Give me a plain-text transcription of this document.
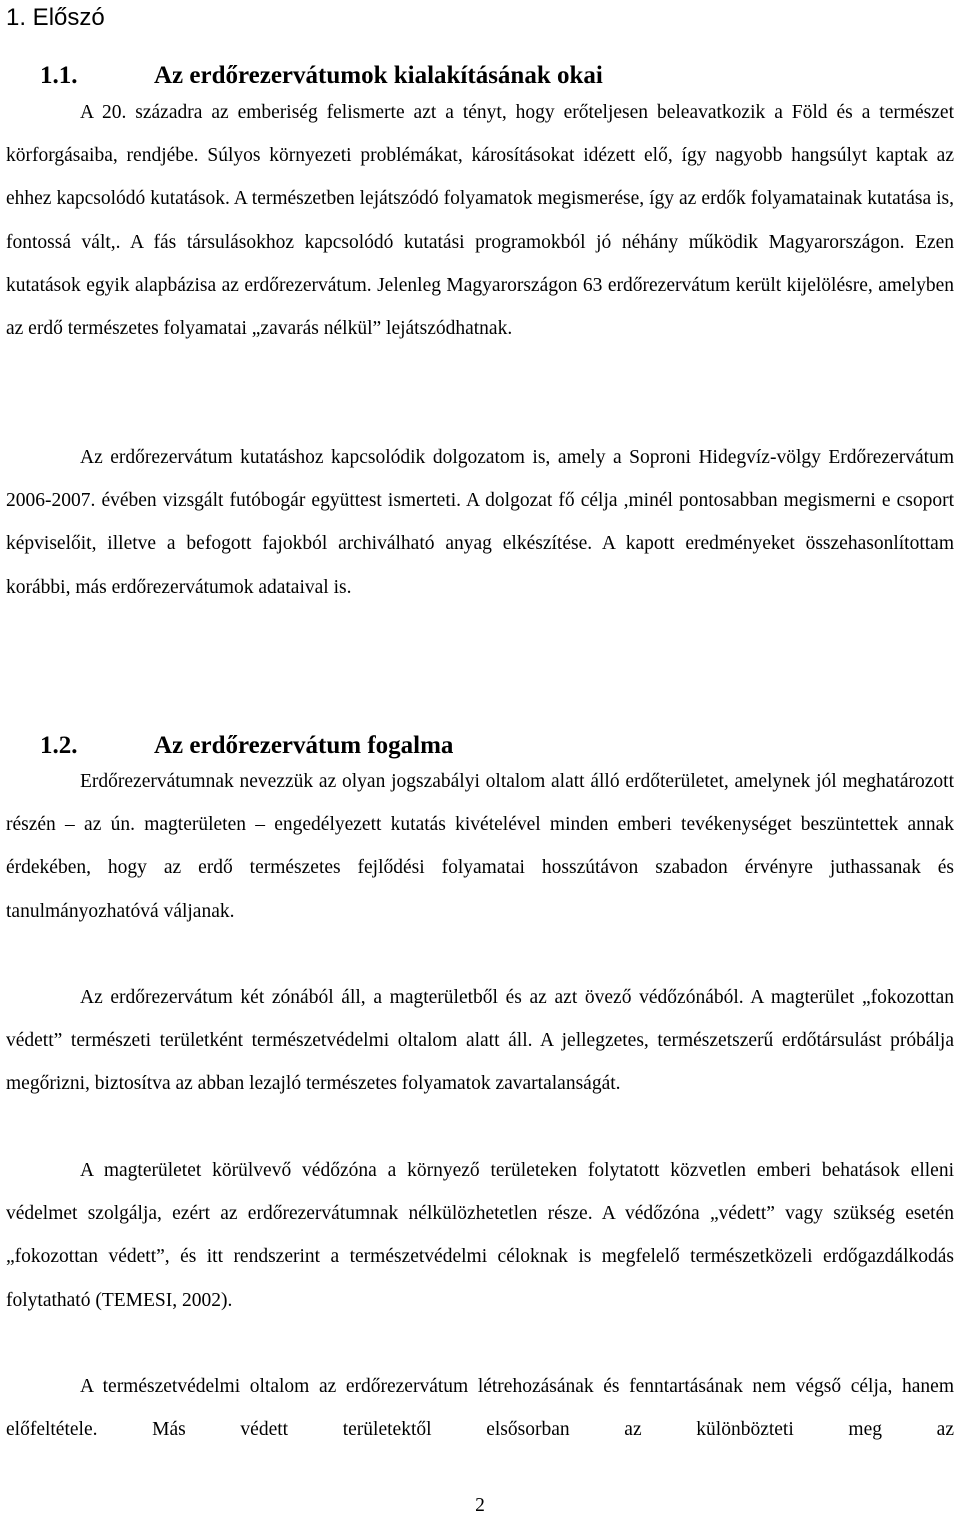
1. Előszó
1.1.	Az erdőrezervátumok kialakításának okai

A 20. századra az emberiség felismerte azt a tényt, hogy erőteljesen beleavatkozik a Föld és a természet körforgásaiba, rendjébe. Súlyos környezeti problémákat, károsításokat idézett elő, így nagyobb hangsúlyt kaptak az ehhez kapcsolódó kutatások. A természetben lejátszódó folyamatok megismerése, így az erdők folyamatainak kutatása is, fontossá vált,. A fás társulásokhoz kapcsolódó kutatási programokból jó néhány működik Magyarországon. Ezen kutatások egyik alapbázisa az erdőrezervátum. Jelenleg Magyarországon 63 erdőrezervátum került kijelölésre, amelyben az erdő természetes folyamatai „zavarás nélkül” lejátszódhatnak.

Az erdőrezervátum kutatáshoz kapcsolódik dolgozatom is, amely a Soproni Hidegvíz-völgy Erdőrezervátum 2006-2007. évében vizsgált futóbogár együttest ismerteti. A dolgozat fő célja ,minél pontosabban megismerni e csoport képviselőit, illetve a befogott fajokból archiválható anyag elkészítése. A kapott eredményeket összehasonlítottam korábbi, más erdőrezervátumok adataival is.

1.2.	Az erdőrezervátum fogalma

Erdőrezervátumnak nevezzük az olyan jogszabályi oltalom alatt álló erdőterületet, amelynek jól meghatározott részén – az ún. magterületen – engedélyezett kutatás kivételével minden emberi tevékenységet beszüntettek annak érdekében, hogy az erdő természetes fejlődési folyamatai hosszútávon szabadon érvényre juthassanak és tanulmányozhatóvá váljanak.

Az erdőrezervátum két zónából áll, a magterületből és az azt övező védőzónából. A magterület „fokozottan védett” természeti területként természetvédelmi oltalom alatt áll. A jellegzetes, természetszerű erdőtársulást próbálja megőrizni, biztosítva az abban lezajló természetes folyamatok zavartalanságát.

A magterületet körülvevő védőzóna a környező területeken folytatott közvetlen emberi behatások elleni védelmet szolgálja, ezért az erdőrezervátumnak nélkülözhetetlen része. A védőzóna „védett” vagy szükség esetén „fokozottan védett”, és itt rendszerint a természetvédelmi céloknak is megfelelő természetközeli erdőgazdálkodás folytatható (TEMESI, 2002).

A természetvédelmi oltalom az erdőrezervátum létrehozásának és fenntartásának nem végső célja, hanem előfeltétele. Más védett területektől elsősorban az különbözteti meg az

2
